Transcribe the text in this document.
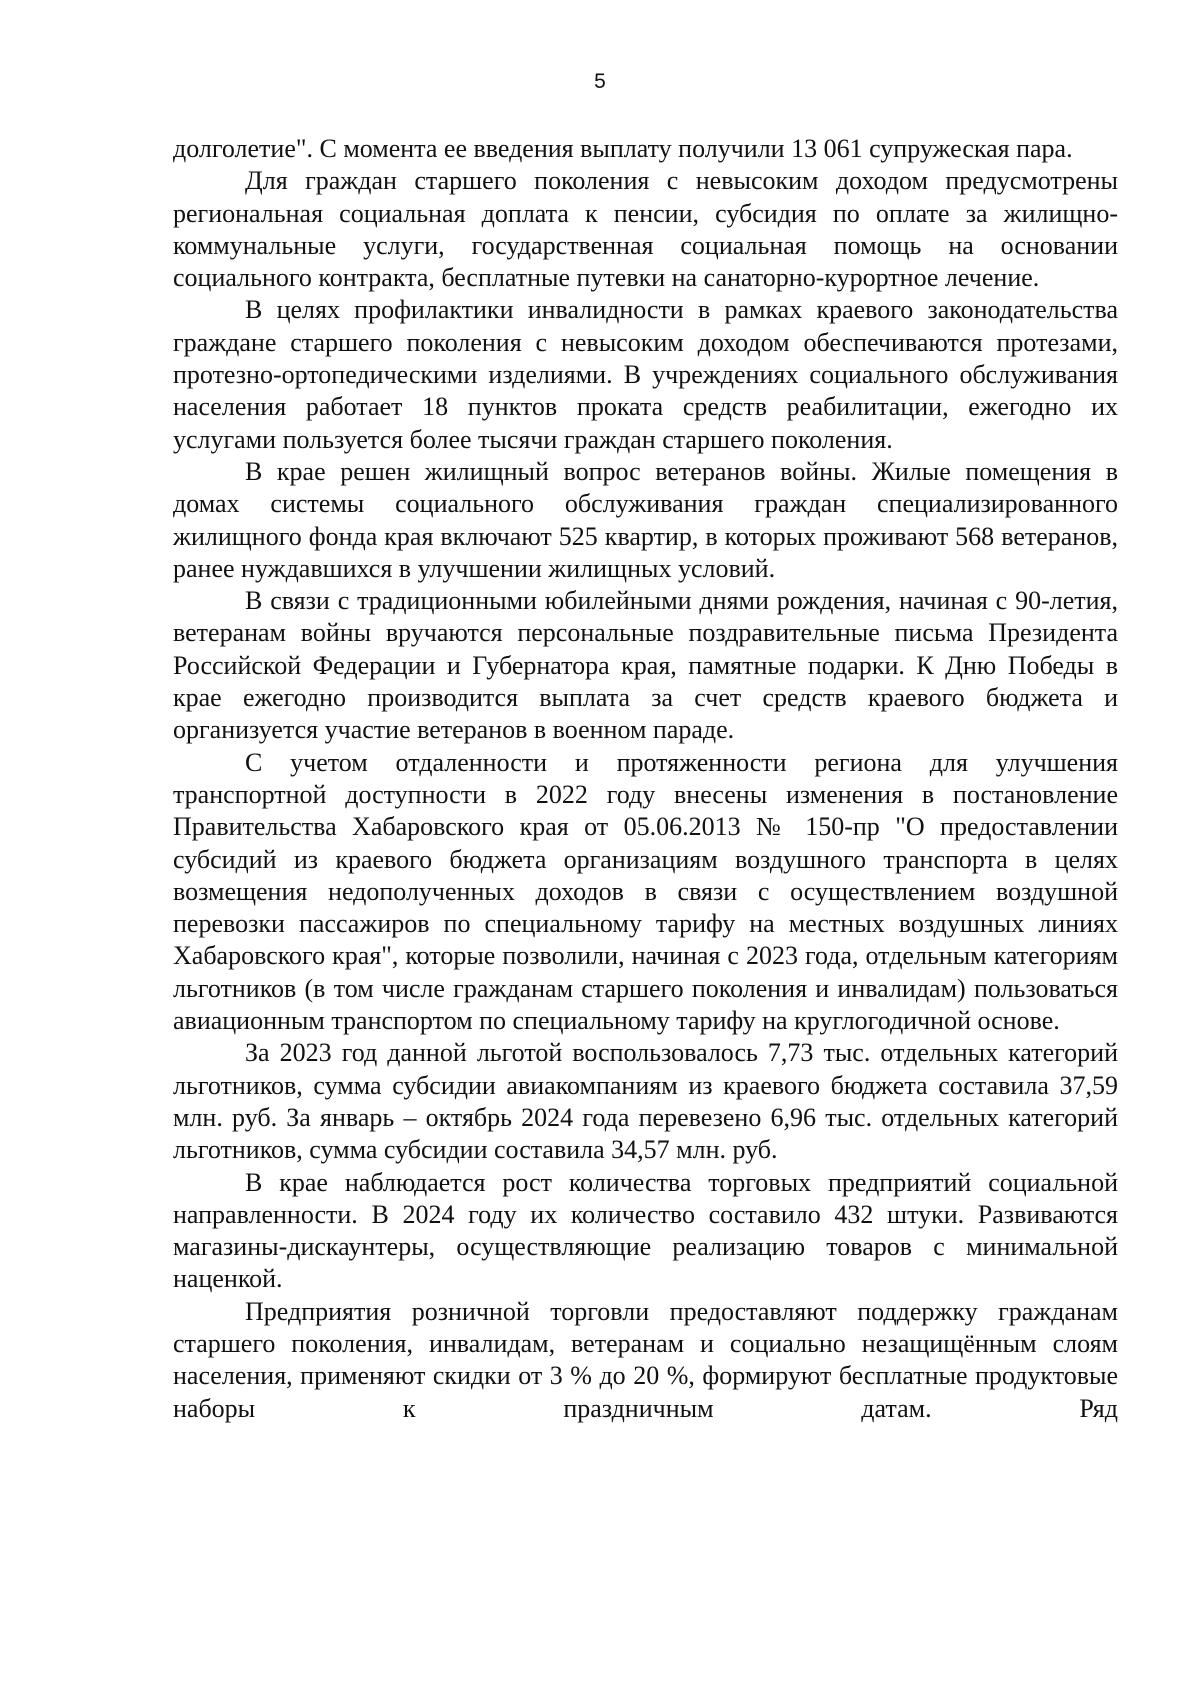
5

долголетие". С момента ее введения выплату получили 13 061 супружеская пара.

Для граждан старшего поколения с невысоким доходом предусмотрены региональная социальная доплата к пенсии, субсидия по оплате за жилищно-коммунальные услуги, государственная социальная помощь на основании социального контракта, бесплатные путевки на санаторно-курортное лечение.

В целях профилактики инвалидности в рамках краевого законодательства граждане старшего поколения с невысоким доходом обеспечиваются протезами, протезно-ортопедическими изделиями. В учреждениях социального обслуживания населения работает 18 пунктов проката средств реабилитации, ежегодно их услугами пользуется более тысячи граждан старшего поколения.

В крае решен жилищный вопрос ветеранов войны. Жилые помещения в домах системы социального обслуживания граждан специализированного жилищного фонда края включают 525 квартир, в которых проживают 568 ветеранов, ранее нуждавшихся в улучшении жилищных условий.

В связи с традиционными юбилейными днями рождения, начиная с 90-летия, ветеранам войны вручаются персональные поздравительные письма Президента Российской Федерации и Губернатора края, памятные подарки. К Дню Победы в крае ежегодно производится выплата за счет средств краевого бюджета и организуется участие ветеранов в военном параде.

С учетом отдаленности и протяженности региона для улучшения транспортной доступности в 2022 году внесены изменения в постановление Правительства Хабаровского края от 05.06.2013 № 150-пр "О предоставлении субсидий из краевого бюджета организациям воздушного транспорта в целях возмещения недополученных доходов в связи с осуществлением воздушной перевозки пассажиров по специальному тарифу на местных воздушных линиях Хабаровского края", которые позволили, начиная с 2023 года, отдельным категориям льготников (в том числе гражданам старшего поколения и инвалидам) пользоваться авиационным транспортом по специальному тарифу на круглогодичной основе.

За 2023 год данной льготой воспользовалось 7,73 тыс. отдельных категорий льготников, сумма субсидии авиакомпаниям из краевого бюджета составила 37,59 млн. руб. За январь – октябрь 2024 года перевезено 6,96 тыс. отдельных категорий льготников, сумма субсидии составила 34,57 млн. руб.

В крае наблюдается рост количества торговых предприятий социальной направленности. В 2024 году их количество составило 432 штуки. Развиваются магазины-дискаунтеры, осуществляющие реализацию товаров с минимальной наценкой.

Предприятия розничной торговли предоставляют поддержку гражданам старшего поколения, инвалидам, ветеранам и социально незащищённым слоям населения, применяют скидки от 3 % до 20 %, формируют бесплатные продуктовые наборы к праздничным датам. Ряд
